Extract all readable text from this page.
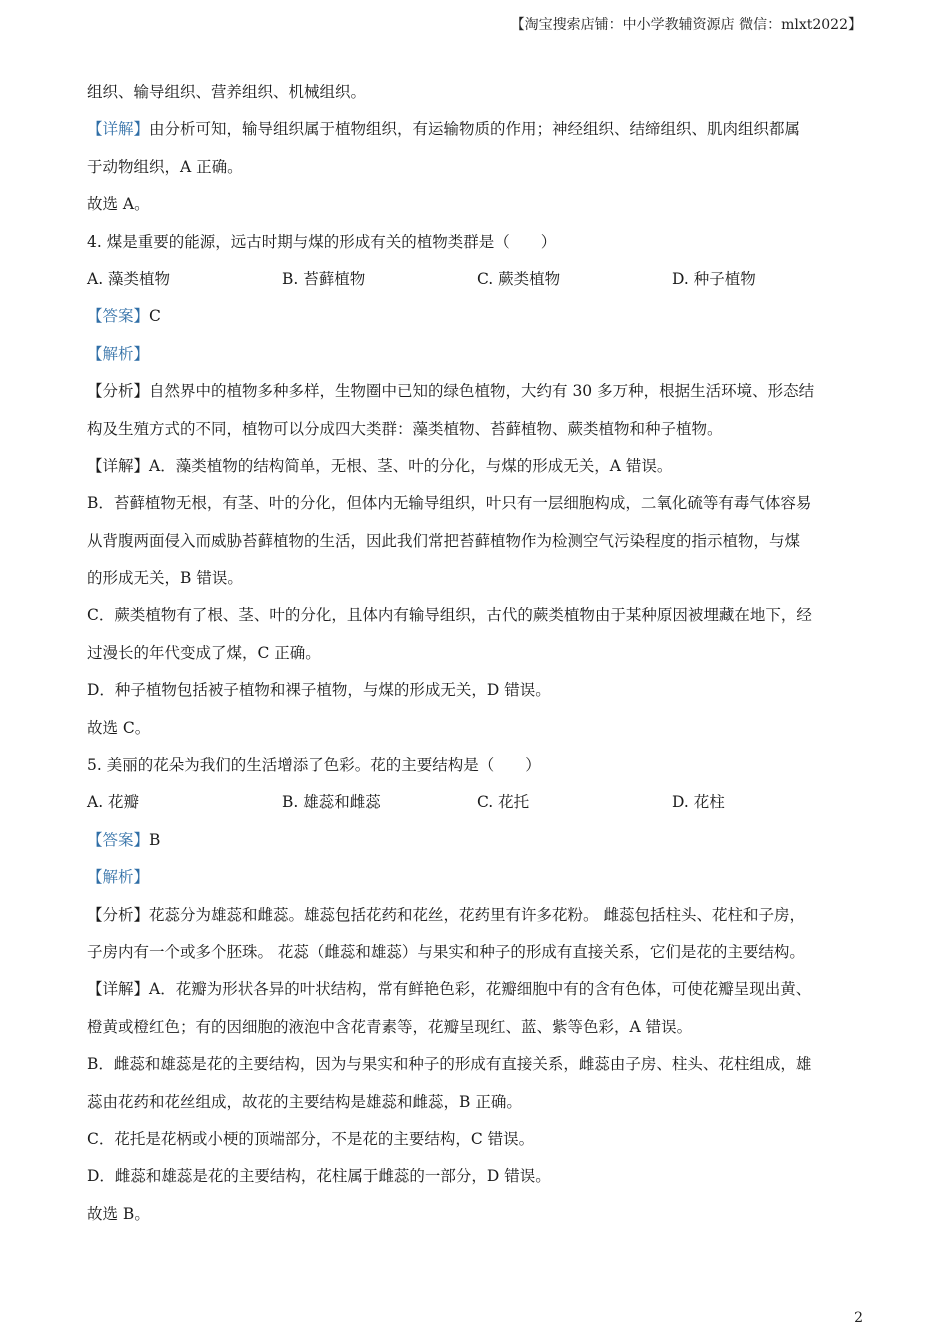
【淘宝搜索店铺：中小学教辅资源店 微信：mlxt2022】
组织、输导组织、营养组织、机械组织。
【详解】由分析可知，输导组织属于植物组织，有运输物质的作用；神经组织、结缔组织、肌肉组织都属
于动物组织，A 正确。
故选 A。
4. 煤是重要的能源，远古时期与煤的形成有关的植物类群是（　　）
A. 藻类植物	B. 苔藓植物	C. 蕨类植物	D. 种子植物
【答案】C
【解析】
【分析】自然界中的植物多种多样，生物圈中已知的绿色植物，大约有 30 多万种，根据生活环境、形态结
构及生殖方式的不同，植物可以分成四大类群：藻类植物、苔藓植物、蕨类植物和种子植物。
【详解】A．藻类植物的结构简单，无根、茎、叶的分化，与煤的形成无关，A 错误。
B．苔藓植物无根，有茎、叶的分化，但体内无输导组织，叶只有一层细胞构成，二氧化硫等有毒气体容易
从背腹两面侵入而威胁苔藓植物的生活，因此我们常把苔藓植物作为检测空气污染程度的指示植物，与煤
的形成无关，B 错误。
C．蕨类植物有了根、茎、叶的分化，且体内有输导组织，古代的蕨类植物由于某种原因被埋藏在地下，经
过漫长的年代变成了煤，C 正确。
D．种子植物包括被子植物和裸子植物，与煤的形成无关，D 错误。
故选 C。
5. 美丽的花朵为我们的生活增添了色彩。花的主要结构是（　　）
A. 花瓣	B. 雄蕊和雌蕊	C. 花托	D. 花柱
【答案】B
【解析】
【分析】花蕊分为雄蕊和雌蕊。雄蕊包括花药和花丝，花药里有许多花粉。 雌蕊包括柱头、花柱和子房，
子房内有一个或多个胚珠。 花蕊（雌蕊和雄蕊）与果实和种子的形成有直接关系，它们是花的主要结构。
【详解】A．花瓣为形状各异的叶状结构，常有鲜艳色彩，花瓣细胞中有的含有色体，可使花瓣呈现出黄、
橙黄或橙红色；有的因细胞的液泡中含花青素等，花瓣呈现红、蓝、紫等色彩，A 错误。
B．雌蕊和雄蕊是花的主要结构，因为与果实和种子的形成有直接关系，雌蕊由子房、柱头、花柱组成，雄
蕊由花药和花丝组成，故花的主要结构是雄蕊和雌蕊，B 正确。
C．花托是花柄或小梗的顶端部分，不是花的主要结构，C 错误。
D．雌蕊和雄蕊是花的主要结构，花柱属于雌蕊的一部分，D 错误。
故选 B。
2
